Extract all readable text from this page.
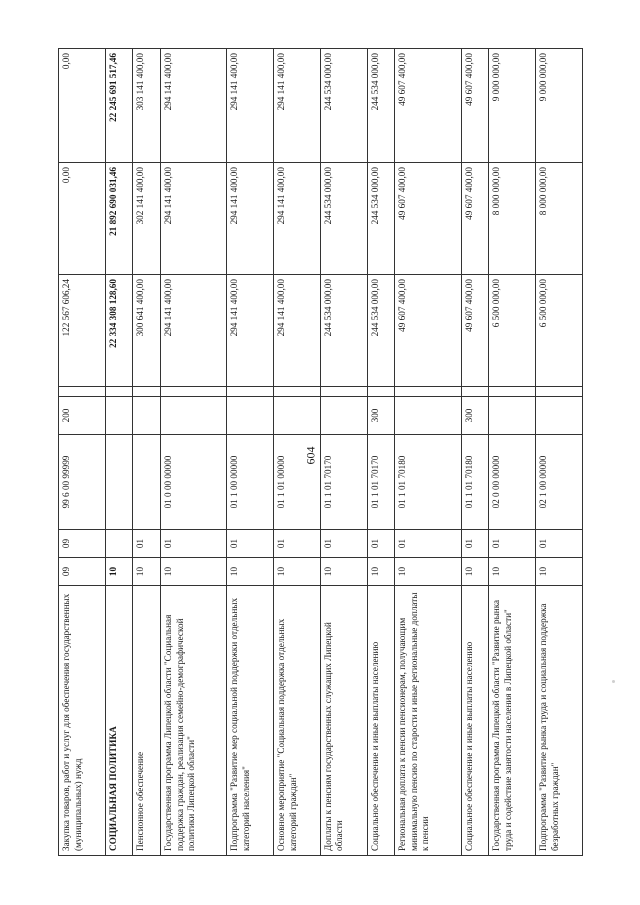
604
Закупка товаров, работ и услуг для обеспечения государственных (муниципальных) нужд	09	09	99 6 00 99999	200		122 567 606,24	0,00	0,00
СОЦИАЛЬНАЯ ПОЛИТИКА	10					22 334 308 128,60	21 892 690 031,46	22 245 691 517,46
Пенсионное обеспечение	10	01				300 641 400,00	302 141 400,00	303 141 400,00
Государственная программа Липецкой области "Социальная поддержка граждан, реализация семейно-демографической политики Липецкой области"	10	01	01 0 00 00000			294 141 400,00	294 141 400,00	294 141 400,00
Подпрограмма "Развитие мер социальной поддержки отдельных категорий населения"	10	01	01 1 00 00000			294 141 400,00	294 141 400,00	294 141 400,00
Основное мероприятие "Социальная поддержка отдельных категорий граждан"	10	01	01 1 01 00000			294 141 400,00	294 141 400,00	294 141 400,00
Доплаты к пенсиям государственных служащих Липецкой области	10	01	01 1 01 70170			244 534 000,00	244 534 000,00	244 534 000,00
Социальное обеспечение и иные выплаты населению	10	01	01 1 01 70170	300		244 534 000,00	244 534 000,00	244 534 000,00
Региональная доплата к пенсии пенсионерам, получающим минимальную пенсию по старости и иные региональные доплаты к пенсии	10	01	01 1 01 70180			49 607 400,00	49 607 400,00	49 607 400,00
Социальное обеспечение и иные выплаты населению	10	01	01 1 01 70180	300		49 607 400,00	49 607 400,00	49 607 400,00
Государственная программа Липецкой области "Развитие рынка труда и содействие занятости населения в Липецкой области"	10	01	02 0 00 00000			6 500 000,00	8 000 000,00	9 000 000,00
Подпрограмма "Развитие рынка труда и социальная поддержка безработных граждан"	10	01	02 1 00 00000			6 500 000,00	8 000 000,00	9 000 000,00
